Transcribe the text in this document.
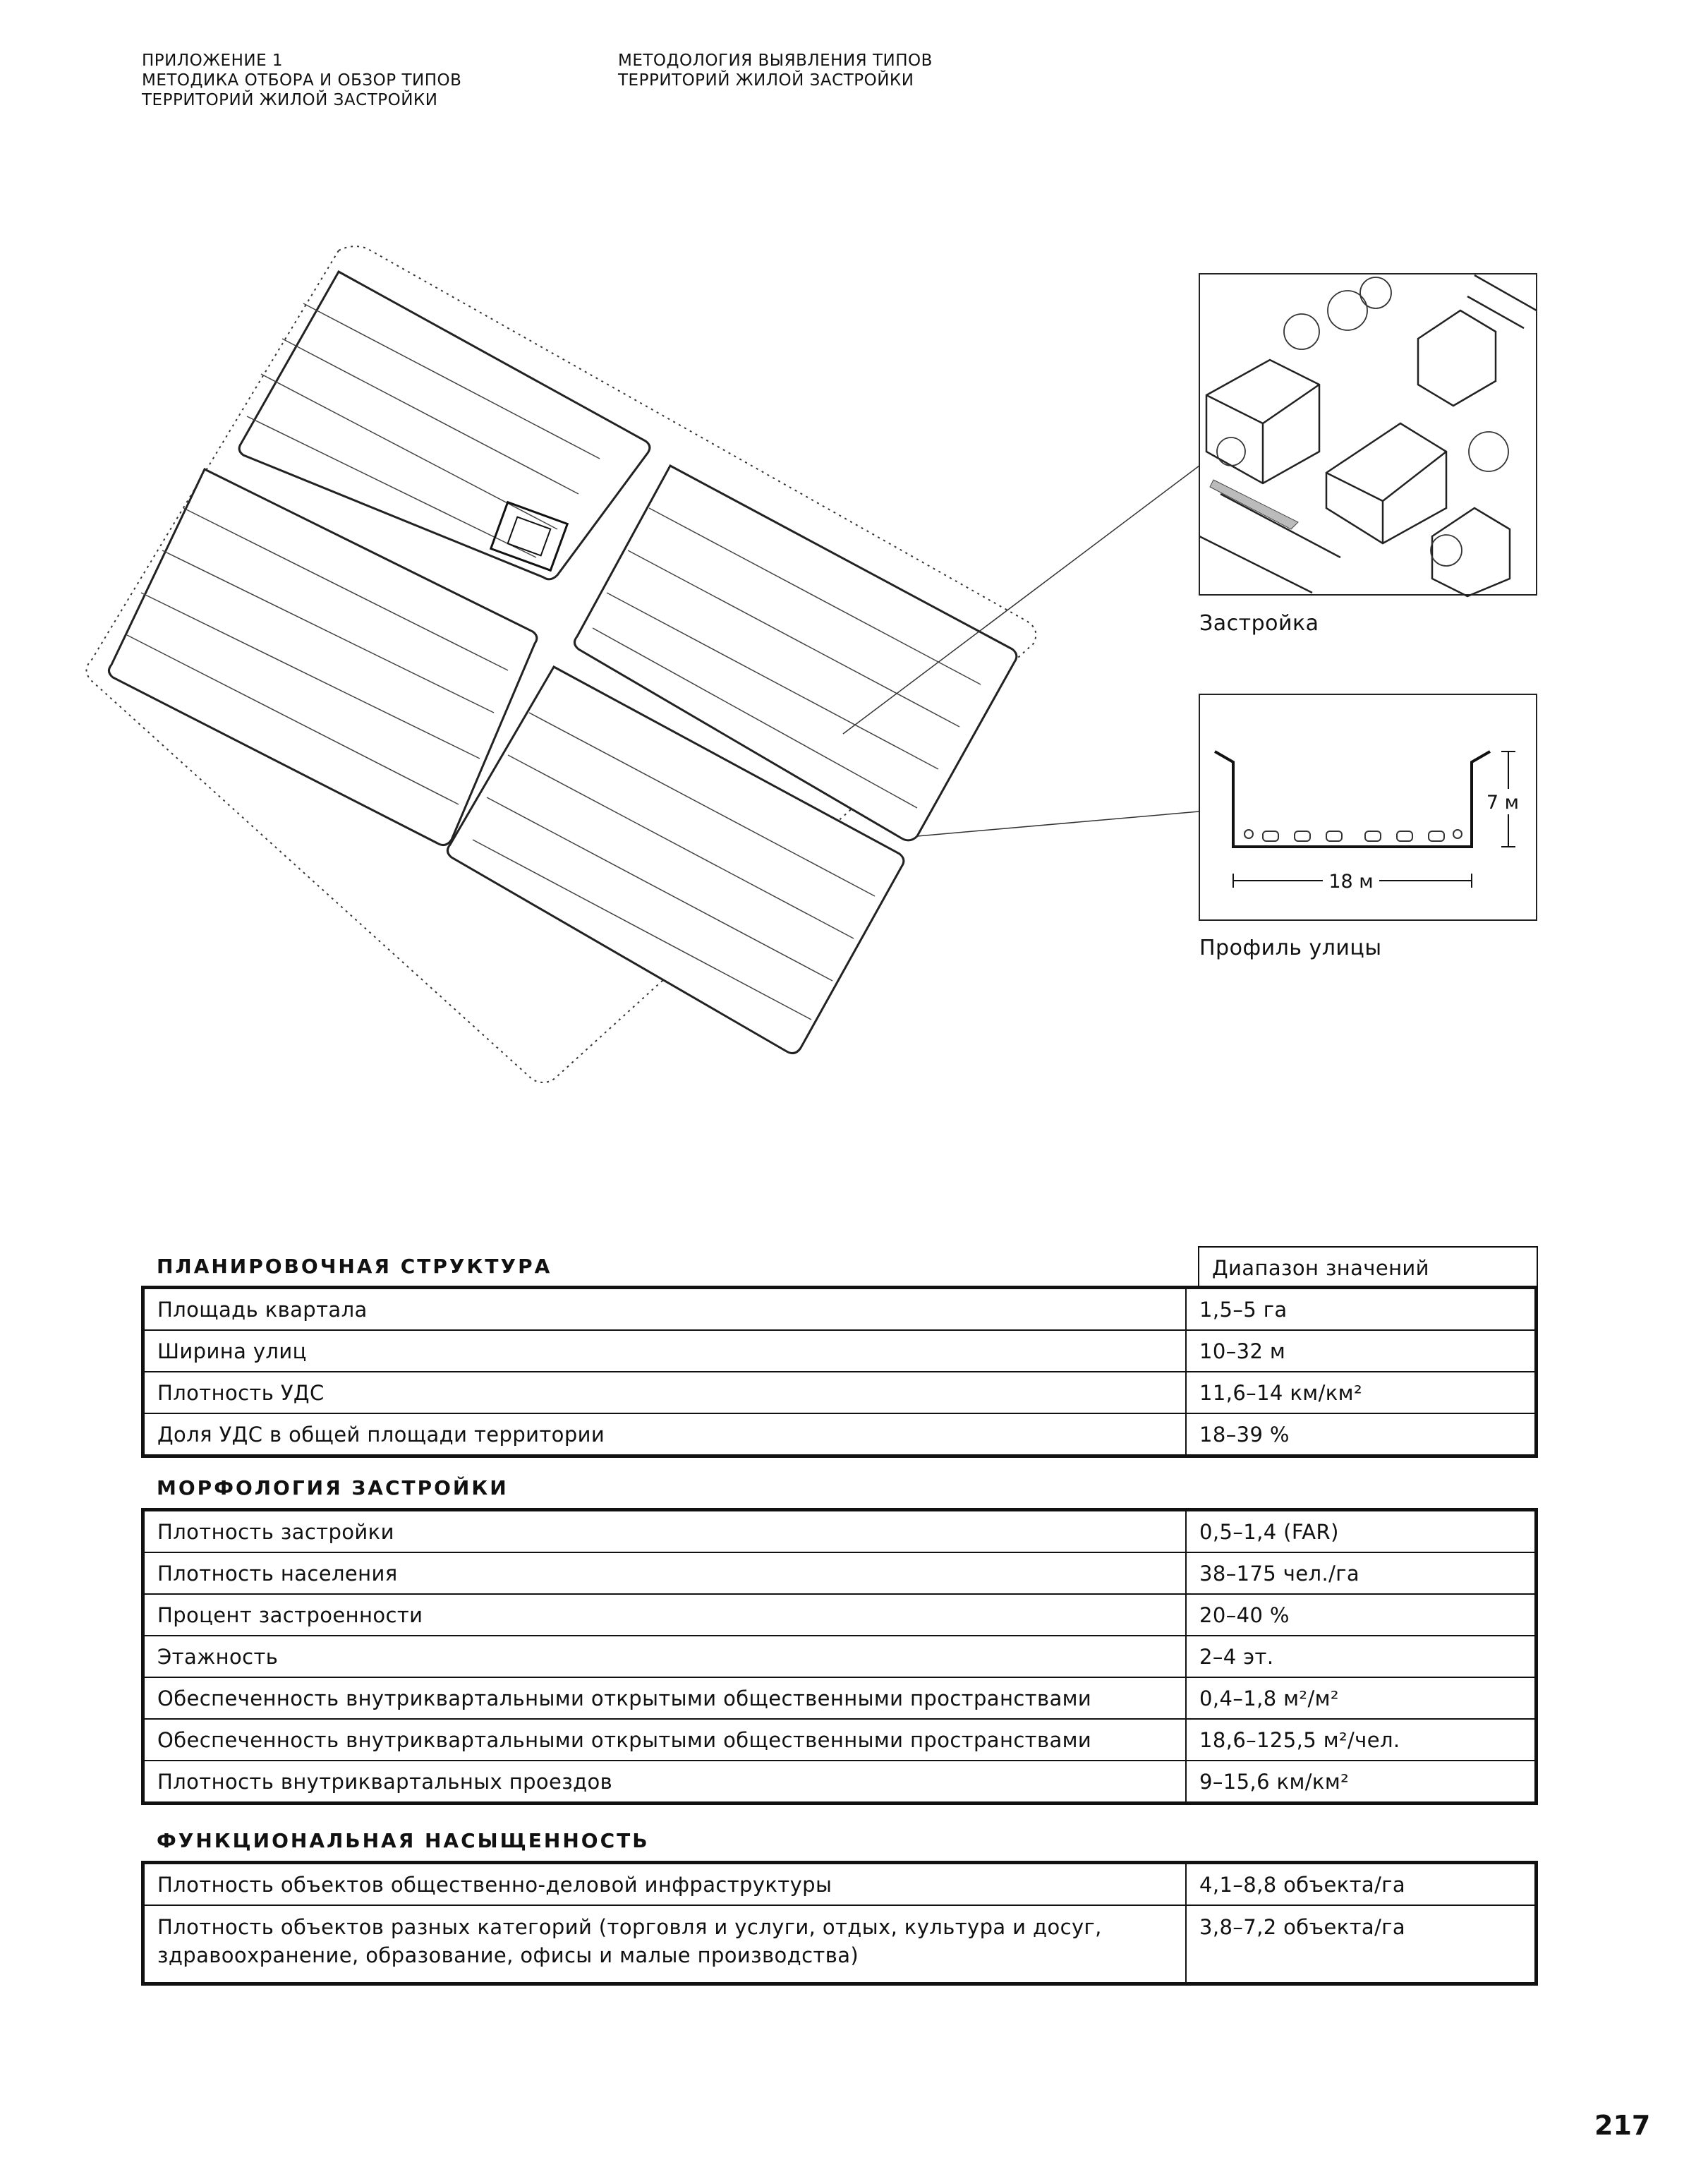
ПРИЛОЖЕНИЕ 1
МЕТОДИКА ОТБОРА И ОБЗОР ТИПОВ
ТЕРРИТОРИЙ ЖИЛОЙ ЗАСТРОЙКИ
МЕТОДОЛОГИЯ ВЫЯВЛЕНИЯ ТИПОВ
ТЕРРИТОРИЙ ЖИЛОЙ ЗАСТРОЙКИ
7 м
18 м
Застройка
Профиль улицы
ПЛАНИРОВОЧНАЯ СТРУКТУРА	Диапазон значений
Площадь квартала	1,5–5 га
Ширина улиц	10–32 м
Плотность УДС	11,6–14 км/км²
Доля УДС в общей площади территории	18–39 %
МОРФОЛОГИЯ ЗАСТРОЙКИ
Плотность застройки	0,5–1,4 (FAR)
Плотность населения	38–175 чел./га
Процент застроенности	20–40 %
Этажность	2–4 эт.
Обеспеченность внутриквартальными открытыми общественными пространствами	0,4–1,8 м²/м²
Обеспеченность внутриквартальными открытыми общественными пространствами	18,6–125,5 м²/чел.
Плотность внутриквартальных проездов	9–15,6 км/км²
ФУНКЦИОНАЛЬНАЯ НАСЫЩЕННОСТЬ
Плотность объектов общественно-деловой инфраструктуры	4,1–8,8 объекта/га
Плотность объектов разных категорий (торговля и услуги, отдых, культура и досуг, здравоохранение, образование, офисы и малые производства)	3,8–7,2 объекта/га
217
